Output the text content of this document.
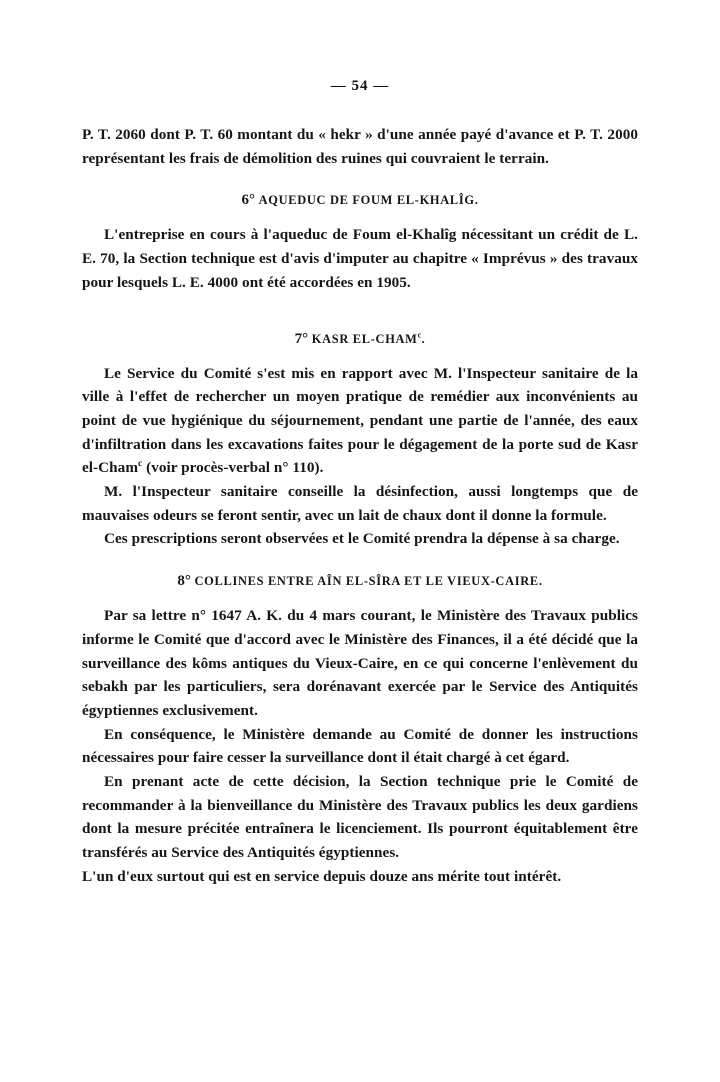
— 54 —

P. T. 2060 dont P. T. 60 montant du « hekr » d'une année payé d'avance et P. T. 2000 représentant les frais de démolition des ruines qui couvraient le terrain.

6° AQUEDUC DE FOUM EL-KHALÎG.

L'entreprise en cours à l'aqueduc de Foum el-Khalîg nécessitant un crédit de L. E. 70, la Section technique est d'avis d'imputer au chapitre « Imprévus » des travaux pour lesquels L. E. 4000 ont été accordées en 1905.

7° KASR EL-CHAM$^c$.

Le Service du Comité s'est mis en rapport avec M. l'Inspecteur sanitaire de la ville à l'effet de rechercher un moyen pratique de remédier aux inconvénients au point de vue hygiénique du séjournement, pendant une partie de l'année, des eaux d'infiltration dans les excavations faites pour le dégagement de la porte sud de Kasr el-Cham$^c$ (voir procès-verbal n° 110).

M. l'Inspecteur sanitaire conseille la désinfection, aussi longtemps que de mauvaises odeurs se feront sentir, avec un lait de chaux dont il donne la formule.

Ces prescriptions seront observées et le Comité prendra la dépense à sa charge.

8° COLLINES ENTRE AÎN EL-SÎRA ET LE VIEUX-CAIRE.

Par sa lettre n° 1647 A. K. du 4 mars courant, le Ministère des Travaux publics informe le Comité que d'accord avec le Ministère des Finances, il a été décidé que la surveillance des kôms antiques du Vieux-Caire, en ce qui concerne l'enlèvement du sebakh par les particuliers, sera dorénavant exercée par le Service des Antiquités égyptiennes exclusivement.

En conséquence, le Ministère demande au Comité de donner les instructions nécessaires pour faire cesser la surveillance dont il était chargé à cet égard.

En prenant acte de cette décision, la Section technique prie le Comité de recommander à la bienveillance du Ministère des Travaux publics les deux gardiens dont la mesure précitée entraînera le licenciement. Ils pourront équitablement être transférés au Service des Antiquités égyptiennes.

L'un d'eux surtout qui est en service depuis douze ans mérite tout intérêt.
